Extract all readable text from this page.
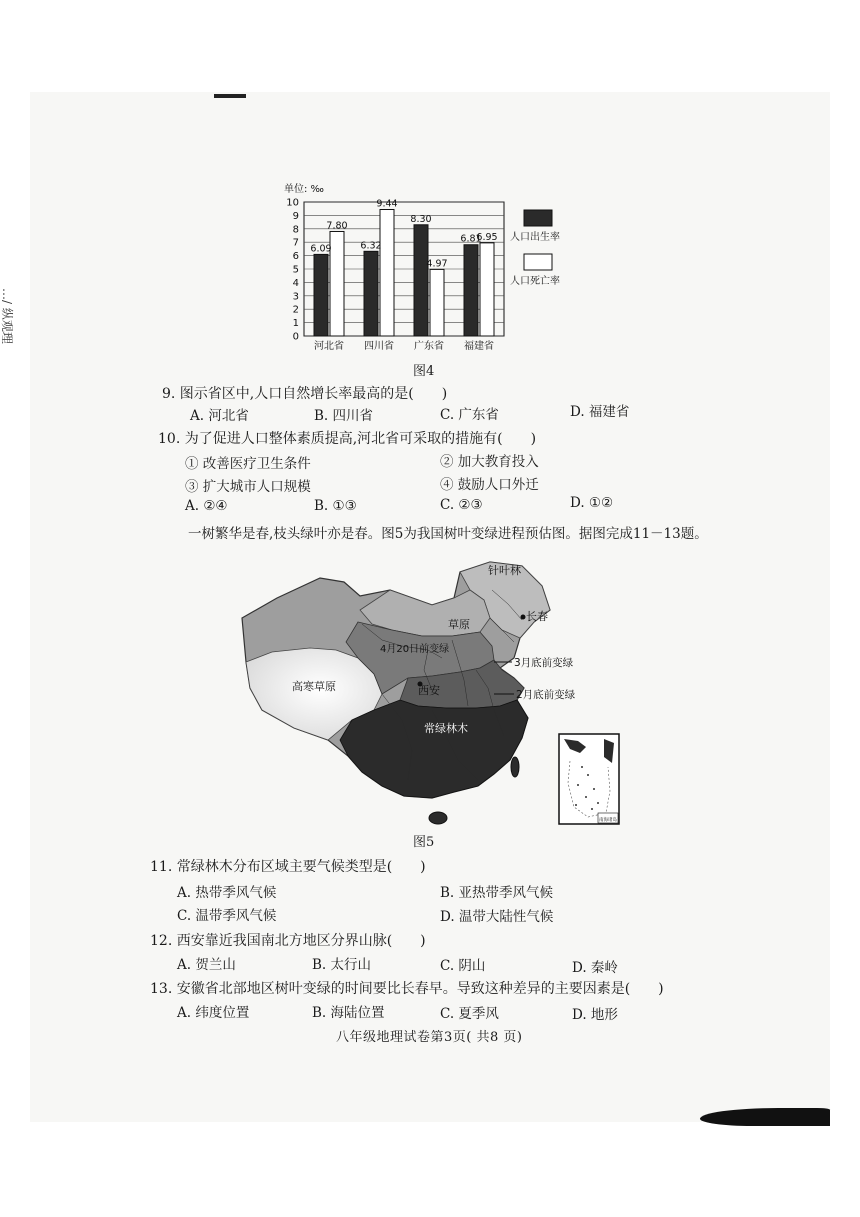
…/ 纵观理	0
1
2
3
4
5
6
7
8
9
10
单位: ‰
6.09
7.80
河北省
6.32
9.44
四川省
8.30
4.97
广东省
6.81
6.95
福建省
人口出生率
人口死亡率
图4
9. 图示省区中,人口自然增长率最高的是(　　)
A. 河北省	B. 四川省	C. 广东省	D. 福建省
10. 为了促进人口整体素质提高,河北省可采取的措施有(　　)
① 改善医疗卫生条件	② 加大教育投入
③ 扩大城市人口规模	④ 鼓励人口外迁
A. ②④	B. ①③	C. ②③	D. ①②
一树繁华是春,枝头绿叶亦是春。图5为我国树叶变绿进程预估图。据图完成11－13题。
针叶林
草原
长春
4月20日前变绿
3月底前变绿
西安	2月底前变绿
高寒草原
常绿林木
南海诸岛
图5
11. 常绿林木分布区域主要气候类型是(　　)
A. 热带季风气候	B. 亚热带季风气候
C. 温带季风气候	D. 温带大陆性气候
12. 西安靠近我国南北方地区分界山脉(　　)
A. 贺兰山	B. 太行山	C. 阴山	D. 秦岭
13. 安徽省北部地区树叶变绿的时间要比长春早。导致这种差异的主要因素是(　　)
A. 纬度位置	B. 海陆位置	C. 夏季风	D. 地形
八年级地理试卷第3页( 共8 页)
